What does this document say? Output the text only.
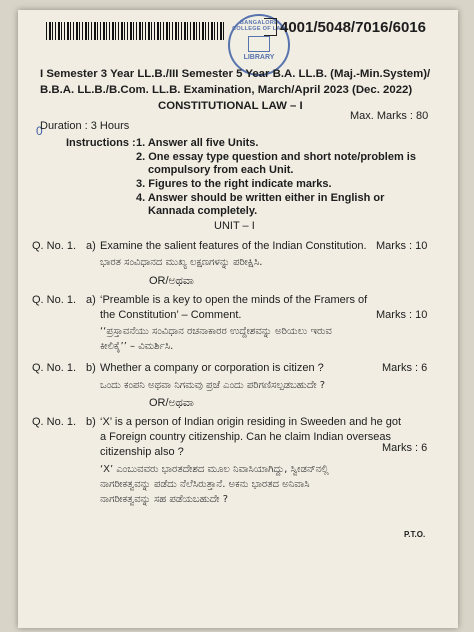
BANGALORE COLLEGE OF LAW
LIBRARY
4001/5048/7016/6016
I Semester 3 Year LL.B./III Semester 5 Year B.A. LL.B. (Maj.-Min.System)/
B.B.A. LL.B./B.Com. LL.B. Examination, March/April 2023 (Dec. 2022)
CONSTITUTIONAL LAW – I
0
Duration : 3 Hours
Max. Marks : 80
Instructions : 1. Answer all five Units.
2. One essay type question and short note/problem is
compulsory from each Unit.
3. Figures to the right indicate marks.
4. Answer should be written either in English or
Kannada completely.
UNIT – I
Q. No. 1. a) Examine the salient features of the Indian Constitution. Marks : 10
ಭಾರತ ಸಂವಿಧಾನದ ಮುಖ್ಯ ಲಕ್ಷಣಗಳನ್ನು ಪರೀಕ್ಷಿಸಿ.
OR/ಅಥವಾ
Q. No. 1. a) ‘Preamble is a key to open the minds of the Framers of
the Constitution’ – Comment.	Marks : 10
‘‘ಪ್ರಸ್ತಾವನೆಯು ಸಂವಿಧಾನ ರಚನಾಕಾರರ ಉದ್ದೇಶವನ್ನು ಅರಿಯಲು ಇರುವ
ಕೀಲಿಕೈ’’ – ವಿಮರ್ಶಿಸಿ.
Q. No. 1. b) Whether a company or corporation is citizen ?	Marks : 6
ಒಂದು ಕಂಪನಿ ಅಥವಾ ನಿಗಮವು ಪ್ರಜೆ ಎಂದು ಪರಿಗಣಿಸಲ್ಪಡಬಹುದೇ ?
OR/ಅಥವಾ
Q. No. 1. b) ‘X’ is a person of Indian origin residing in Sweeden and he got
a Foreign country citizenship. Can he claim Indian overseas
citizenship also ?	Marks : 6
‘X’ ಎಂಬುವವರು ಭಾರತದೇಶದ ಮೂಲ ನಿವಾಸಿಯಾಗಿದ್ದು, ಸ್ವೀಡನ್‌ನಲ್ಲಿ
ನಾಗರೀಕತ್ವವನ್ನು ಪಡೆದು ನೆಲೆಸಿರುತ್ತಾನೆ. ಅಕನು ಭಾರತದ ಅನಿವಾಸಿ
ನಾಗರೀಕತ್ವವನ್ನು ಸಹ ಪಡೆಯಬಹುದೇ ?
P.T.O.
